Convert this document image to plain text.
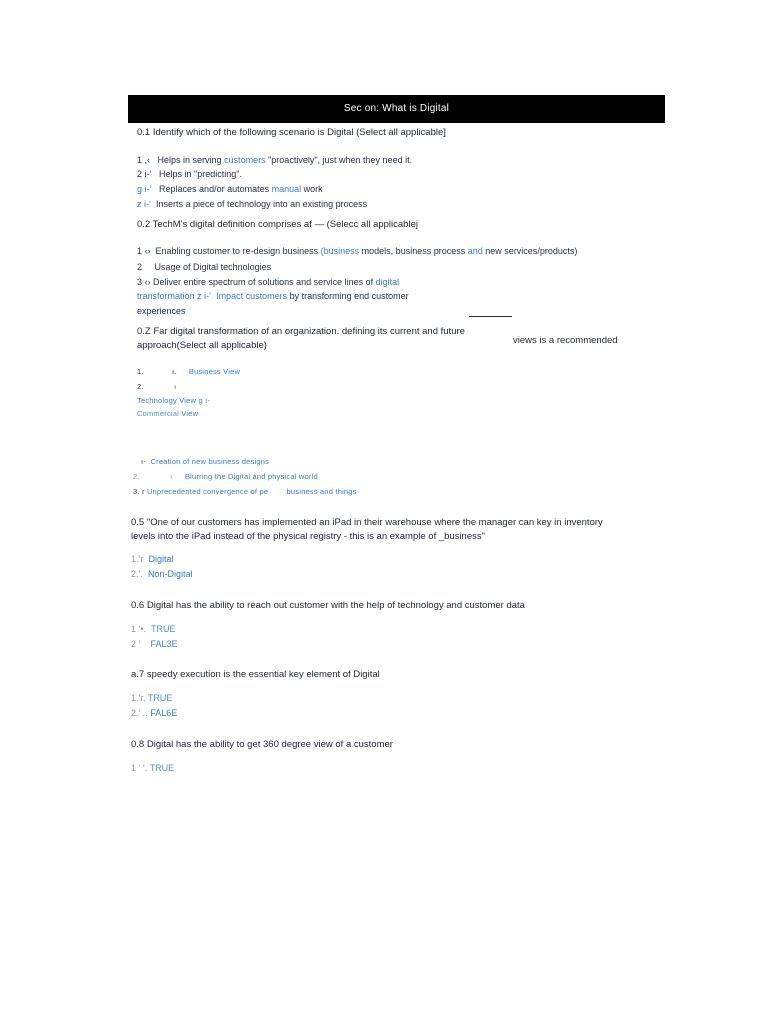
Sec on: What is Digital
0.1 Identify which of the following scenario is Digital (Select all applicable]
1 ,‹ Helps in serving customers "proactively", just when they need it.
2 i-‘ Helps in "predicting".
g i-‘ Replaces and/or automates manual work
z i-‘ Inserts a piece of technology into an existing process
0.2 TechM's digital definition comprises af — (Selecc all applicablej
1 ‹› Enabling customer to re-design business (business models, business process and new services/products)
2 Usage of Digital technologies
3 ‹› Deliver entire spectrum of solutions and service lines of digital
transformation z i-‘ Impact customers by transforming end customer
experiences
0.Z Far digital transformation of an organization. defining its current and future
approach(Select all applicable)	views is a recommended
1.	ı. Business View
2.	‹
Technology View g ı-
Commercial View
ı- Creation of new business designs
2.	› Blurring the Digital and physical world
3. r Unprecedented convergence of pe business and things
0.5 "One of our customers has implemented an iPad in their warehouse where the manager can key in inventory
levels into the iPad instead of the physical registry - this is an example of _business"
1.‘r Digital
2.’. Non-Digital
0.6 Digital has the ability to reach out customer with the help of technology and customer data
1 ‘•. TRUE
2 ‘ FAL3E
a.7 speedy execution is the essential key element of Digital
1.‘r. TRUE
2.’ .. FAL6E
0.8 Digital has the ability to get 360 degree view of a customer
1 ‘ '. TRUE
